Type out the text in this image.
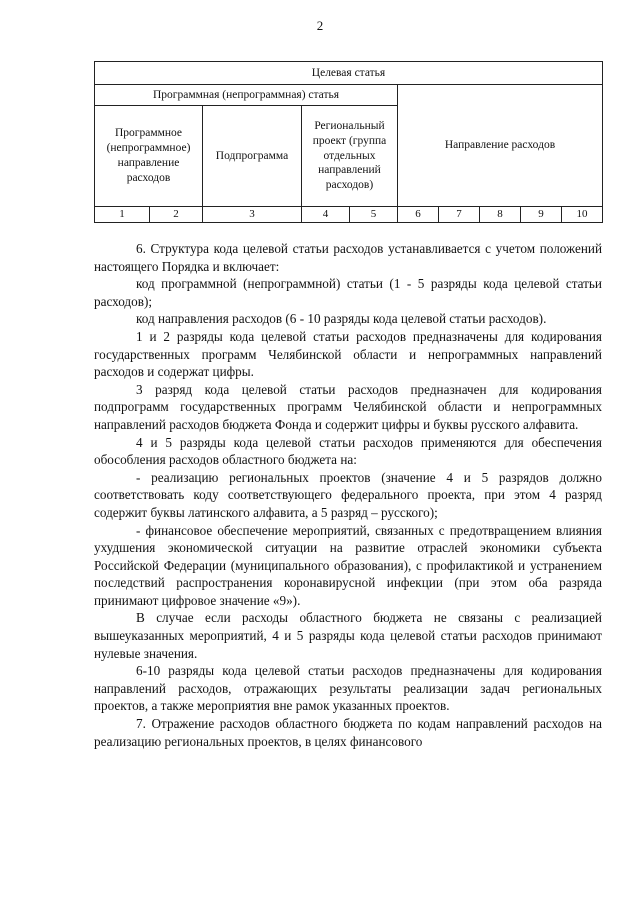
2
Целевая статья									
Программная (непрограммная) статья					Направление расходов				
Программное (непрограммное) направление расходов		Подпрограмма	Региональный проект (группа отдельных направлений расходов)						
1	2	3	4	5	6	7	8	9	10

6. Структура кода целевой статьи расходов устанавливается с учетом положений настоящего Порядка и включает:

код программной (непрограммной) статьи (1 - 5 разряды кода целевой статьи расходов);

код направления расходов (6 - 10 разряды кода целевой статьи расходов).

1 и 2 разряды кода целевой статьи расходов предназначены для кодирования государственных программ Челябинской области и непрограммных направлений расходов и содержат цифры.

3 разряд кода целевой статьи расходов предназначен для кодирования подпрограмм государственных программ Челябинской области и непрограммных направлений расходов бюджета Фонда и содержит цифры и буквы русского алфавита.

4 и 5 разряды кода целевой статьи расходов применяются для обеспечения обособления расходов областного бюджета на:

- реализацию региональных проектов (значение 4 и 5 разрядов должно соответствовать коду соответствующего федерального проекта, при этом 4 разряд содержит буквы латинского алфавита, а 5 разряд – русского);

- финансовое обеспечение мероприятий, связанных с предотвращением влияния ухудшения экономической ситуации на развитие отраслей экономики субъекта Российской Федерации (муниципального образования), с профилактикой и устранением последствий распространения коронавирусной инфекции (при этом оба разряда принимают цифровое значение «9»).

В случае если расходы областного бюджета не связаны с реализацией вышеуказанных мероприятий, 4 и 5 разряды кода целевой статьи расходов принимают нулевые значения.

6-10 разряды кода целевой статьи расходов предназначены для кодирования направлений расходов, отражающих результаты реализации задач региональных проектов, а также мероприятия вне рамок указанных проектов.

7. Отражение расходов областного бюджета по кодам направлений расходов на реализацию региональных проектов, в целях финансового
